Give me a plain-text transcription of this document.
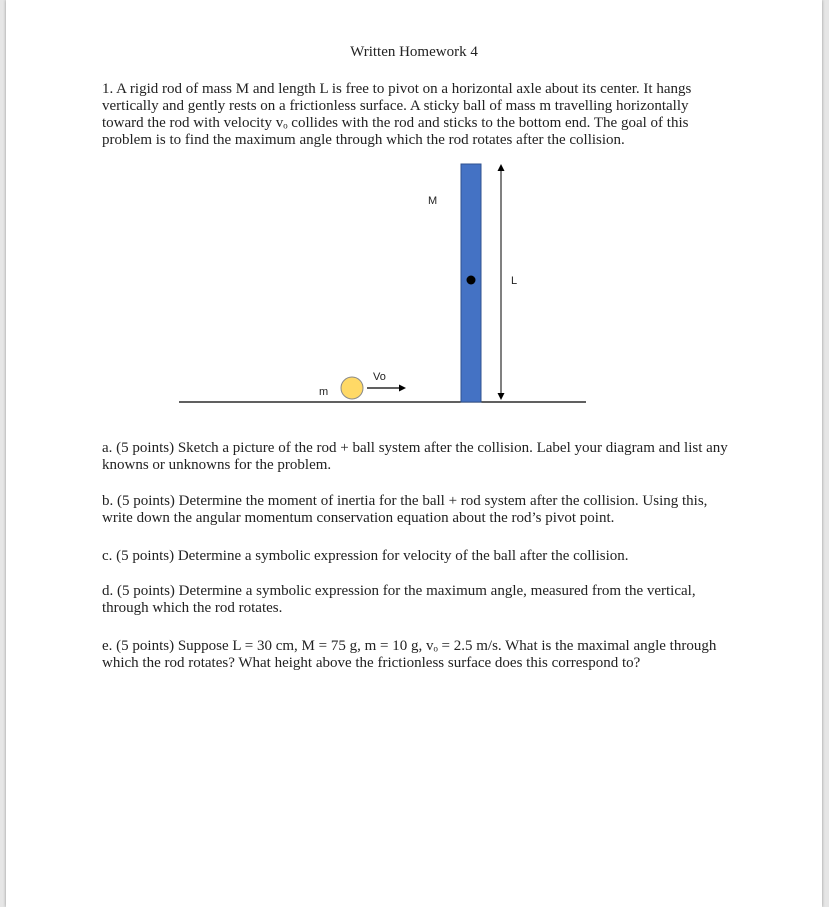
Written Homework 4
1. A rigid rod of mass M and length L is free to pivot on a horizontal axle about its center. It hangs vertically and gently rests on a frictionless surface. A sticky ball of mass m travelling horizontally toward the rod with velocity vₒ collides with the rod and sticks to the bottom end. The goal of this problem is to find the maximum angle through which the rod rotates after the collision.
M
L
m
Vo
a. (5 points) Sketch a picture of the rod + ball system after the collision. Label your diagram and list any knowns or unknowns for the problem.
b. (5 points) Determine the moment of inertia for the ball + rod system after the collision. Using this, write down the angular momentum conservation equation about the rod’s pivot point.
c. (5 points) Determine a symbolic expression for velocity of the ball after the collision.
d. (5 points) Determine a symbolic expression for the maximum angle, measured from the vertical, through which the rod rotates.
e. (5 points) Suppose L = 30 cm, M = 75 g, m = 10 g, vₒ = 2.5 m/s. What is the maximal angle through which the rod rotates? What height above the frictionless surface does this correspond to?
